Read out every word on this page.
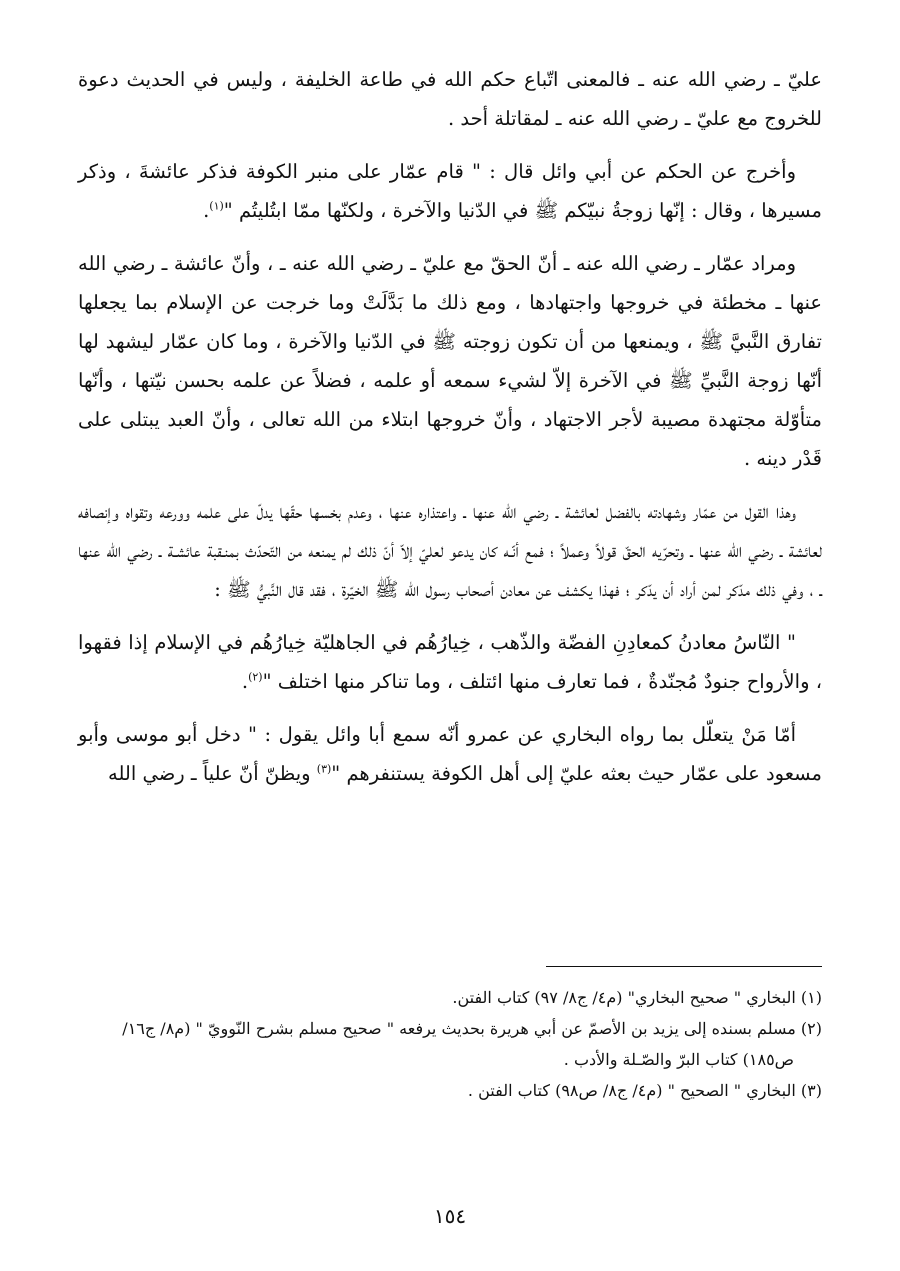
عليّ ـ رضي الله عنه ـ فالمعنى اتّباع حكم الله في طاعة الخليفة ، وليس في الحديث دعوة للخروج مع عليّ ـ رضي الله عنه ـ لمقاتلة أحد .

وأخرج عن الحكم عن أبي وائل قال : " قام عمّار على منبر الكوفة فذكر عائشةَ ، وذكر مسيرها ، وقال : إنّها زوجةُ نبيّكم ﷺ في الدّنيا والآخرة ، ولكنّها ممّا ابتُليتُم "$^{(١)}$.

ومراد عمّار ـ رضي الله عنه ـ أنّ الحقّ مع عليّ ـ رضي الله عنه ـ ، وأنّ عائشة ـ رضي الله عنها ـ مخطئة في خروجها واجتهادها ، ومع ذلك ما بَدَّلَتْ وما خرجت عن الإسلام بما يجعلها تفارق النَّبيَّ ﷺ ، ويمنعها من أن تكون زوجته ﷺ في الدّنيا والآخرة ، وما كان عمّار ليشهد لها أنّها زوجة النَّبيِّ ﷺ في الآخرة إلاّ لشيء سمعه أو علمه ، فضلاً عن علمه بحسن نيّتها ، وأنّها متأوّلة مجتهدة مصيبة لأجر الاجتهاد ، وأنّ خروجها ابتلاء من الله تعالى ، وأنّ العبد يبتلى على قَدْر دينه .

وهذا القول من عمّار وشهادته بالفضل لعائشة ـ رضي الله عنها ـ واعتذاره عنها ، وعدم بخسها حقّها يدلّ على علمه وورعه وتقواه وإنصافه لعائشة ـ رضي الله عنها ـ وتحرّيه الحقّ قولاً وعملاً ؛ فمع أنّـه كان يدعو لعليّ إلاّ أنّ ذلك لم يمنعه من التّحدّث بمنـقبة عائشـة ـ رضي الله عنها ـ ، وفي ذلك مدّكر لمن أراد أن يدّكر ؛ فهذا يكشف عن معادن أصحاب رسول الله ﷺ الخيّرة ، فقد قال النَّبيُّ ﷺ :

" النّاسُ معادنُ كمعادِنِ الفضّة والذّهب ، خِيارُهُم في الجاهليّة خِيارُهُم في الإسلام إذا فقهوا ، والأرواح جنودٌ مُجنّدةٌ ، فما تعارف منها ائتلف ، وما تناكر منها اختلف "$^{(٢)}$.

أمّا مَنْ يتعلّل بما رواه البخاري عن عمرو أنّه سمع أبا وائل يقول : " دخل أبو موسى وأبو مسعود على عمّار حيث بعثه عليّ إلى أهل الكوفة يستنفرهم "$^{(٣)}$ ويظنّ أنّ علياً ـ رضي الله

(١) البخاري " صحيح البخاري" (م٤/ ج٨/ ٩٧) كتاب الفتن.
(٢) مسلم بسنده إلى يزيد بن الأصمّ عن أبي هريرة بحديث يرفعه " صحيح مسلم بشرح النّوويّ " (م٨/ ج١٦/ ص١٨٥) كتاب البرّ والصّـلة والأدب .
(٣) البخاري " الصحيح " (م٤/ ج٨/ ص٩٨) كتاب الفتن .
١٥٤
